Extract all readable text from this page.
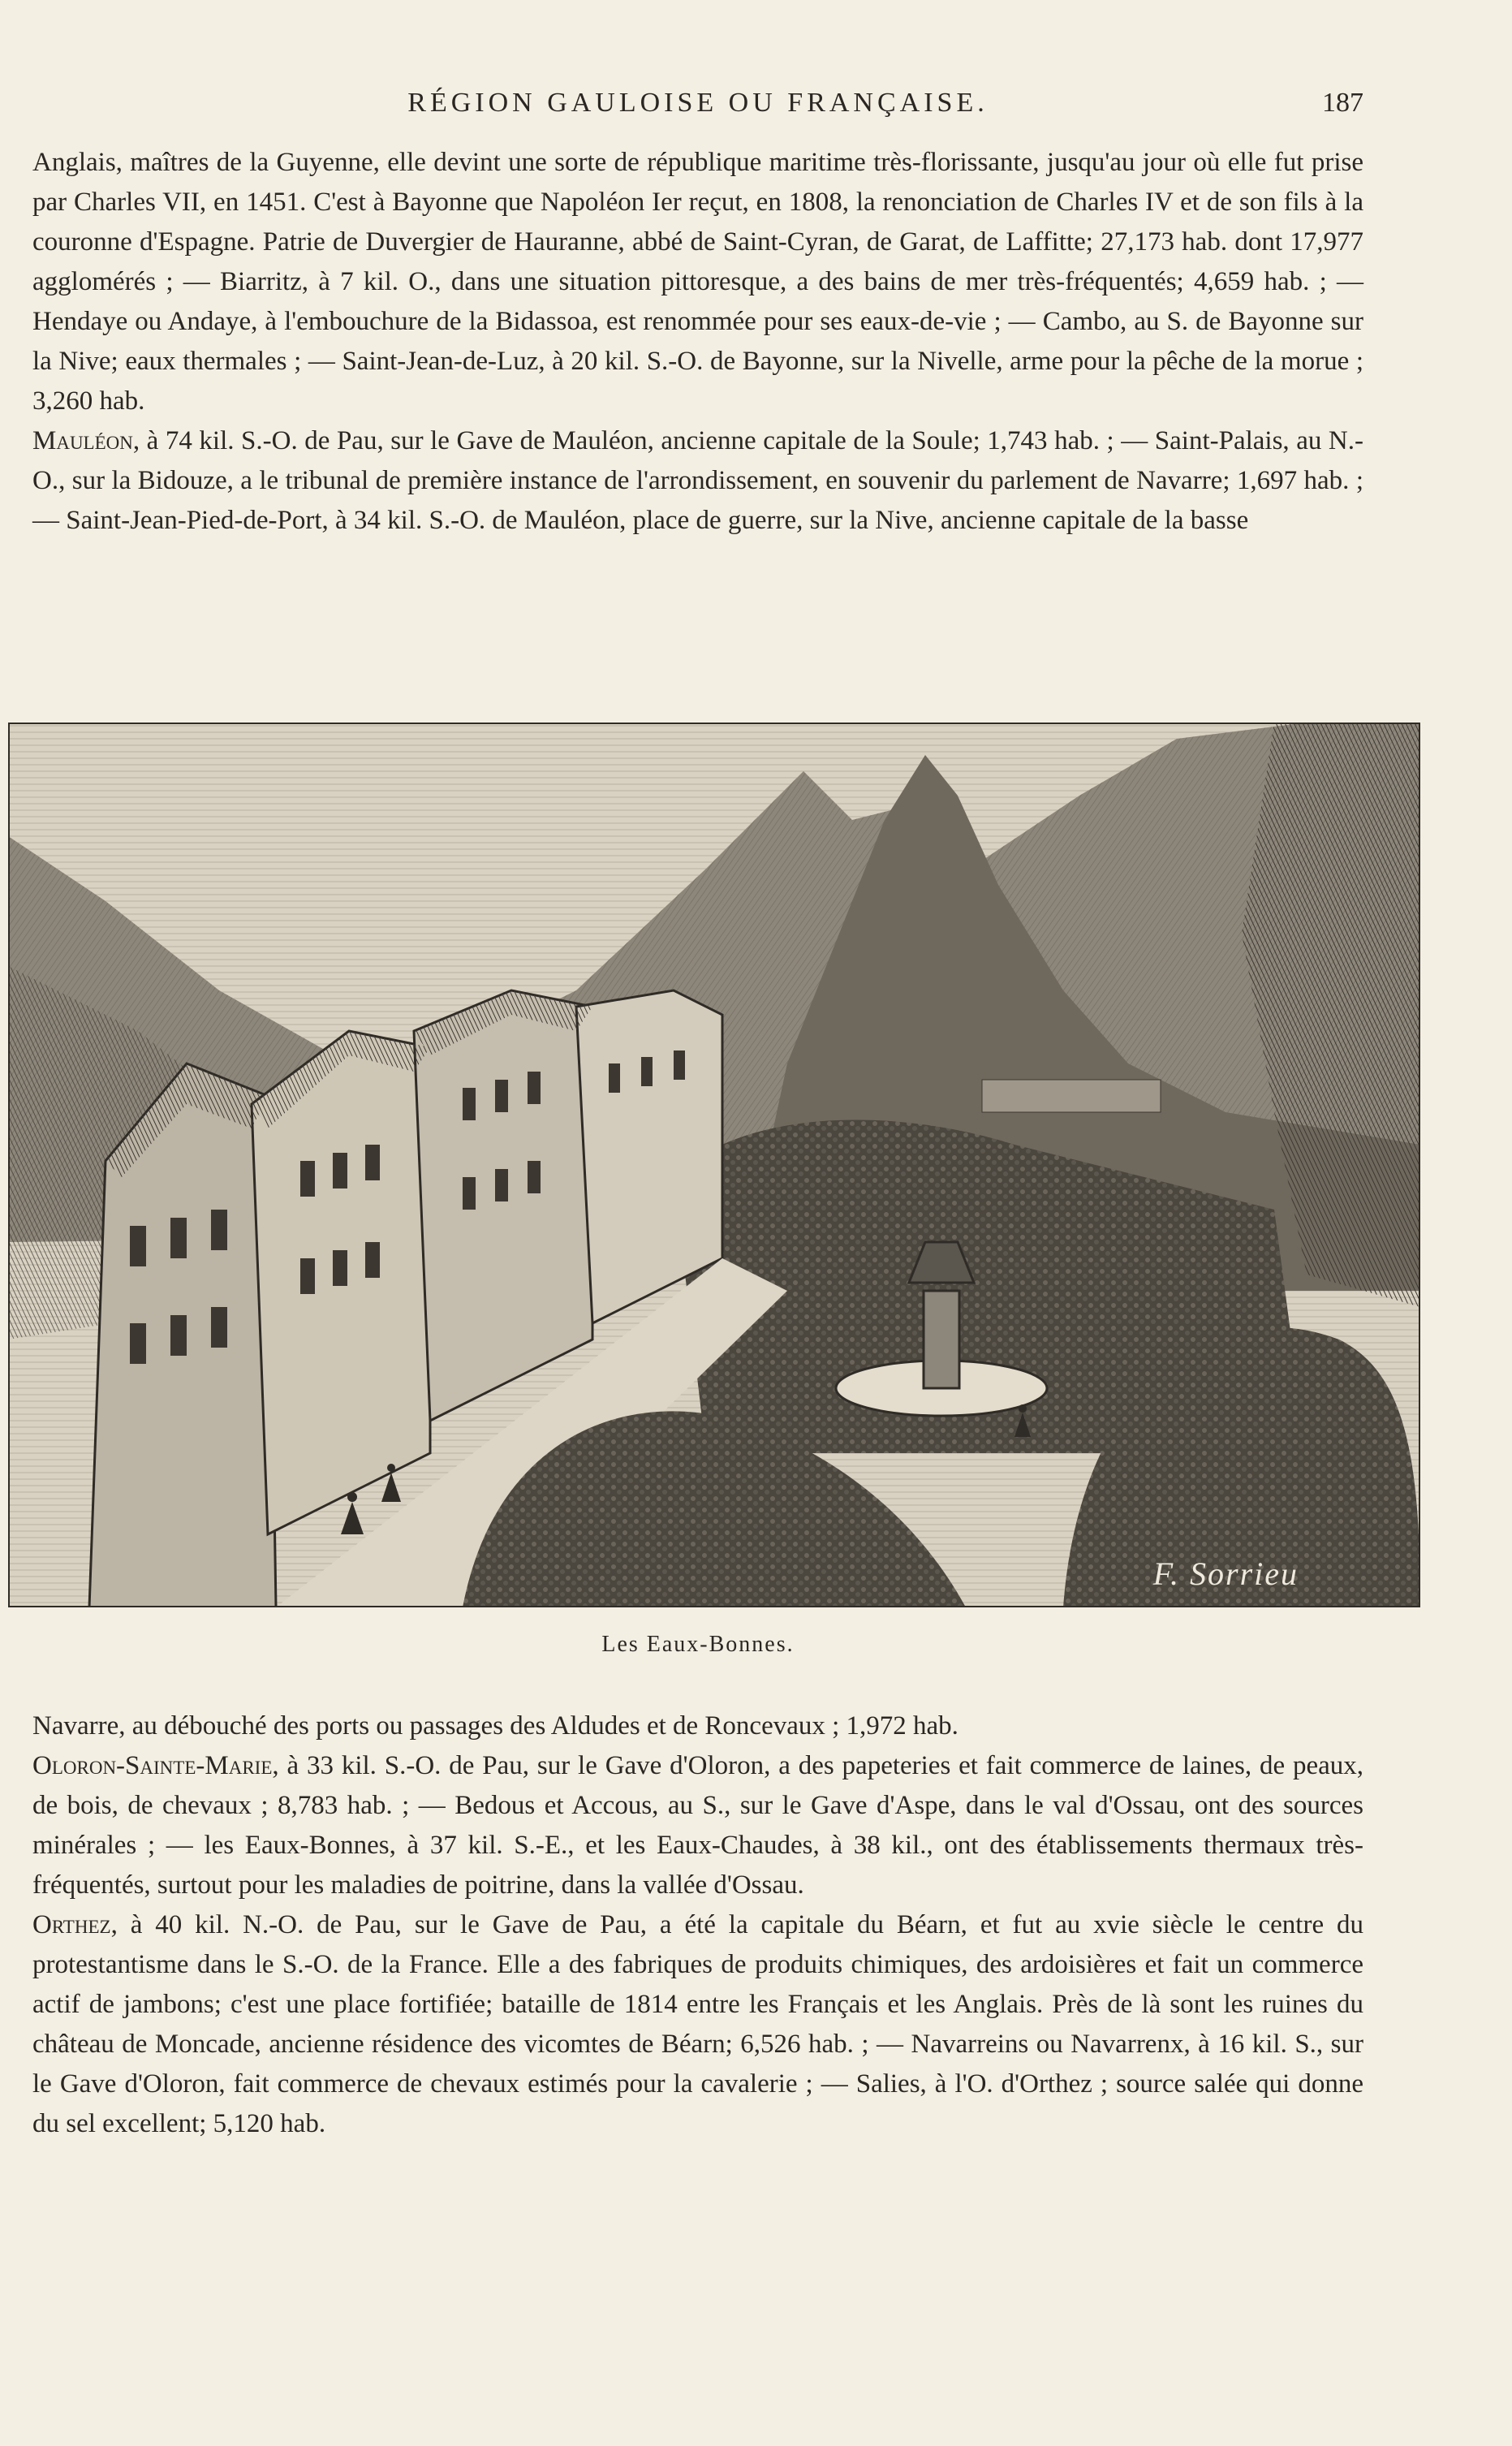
RÉGION GAULOISE OU FRANÇAISE.	187

Anglais, maîtres de la Guyenne, elle devint une sorte de république maritime très-florissante, jusqu'au jour où elle fut prise par Charles VII, en 1451. C'est à Bayonne que Napoléon Ier reçut, en 1808, la renonciation de Charles IV et de son fils à la couronne d'Espagne. Patrie de Duvergier de Hauranne, abbé de Saint-Cyran, de Garat, de Laffitte; 27,173 hab. dont 17,977 agglomérés ; — Biarritz, à 7 kil. O., dans une situation pittoresque, a des bains de mer très-fréquentés; 4,659 hab. ; — Hendaye ou Andaye, à l'embouchure de la Bidassoa, est renommée pour ses eaux-de-vie ; — Cambo, au S. de Bayonne sur la Nive; eaux thermales ; — Saint-Jean-de-Luz, à 20 kil. S.-O. de Bayonne, sur la Nivelle, arme pour la pêche de la morue ; 3,260 hab.

Mauléon, à 74 kil. S.-O. de Pau, sur le Gave de Mauléon, ancienne capitale de la Soule; 1,743 hab. ; — Saint-Palais, au N.-O., sur la Bidouze, a le tribunal de première instance de l'arrondissement, en souvenir du parlement de Navarre; 1,697 hab. ; — Saint-Jean-Pied-de-Port, à 34 kil. S.-O. de Mauléon, place de guerre, sur la Nive, ancienne capitale de la basse

F. Sorrieu
Les Eaux-Bonnes.

Navarre, au débouché des ports ou passages des Aldudes et de Roncevaux ; 1,972 hab.

Oloron-Sainte-Marie, à 33 kil. S.-O. de Pau, sur le Gave d'Oloron, a des papeteries et fait commerce de laines, de peaux, de bois, de chevaux ; 8,783 hab. ; — Bedous et Accous, au S., sur le Gave d'Aspe, dans le val d'Ossau, ont des sources minérales ; — les Eaux-Bonnes, à 37 kil. S.-E., et les Eaux-Chaudes, à 38 kil., ont des établissements thermaux très-fréquentés, surtout pour les maladies de poitrine, dans la vallée d'Ossau.

Orthez, à 40 kil. N.-O. de Pau, sur le Gave de Pau, a été la capitale du Béarn, et fut au xvie siècle le centre du protestantisme dans le S.-O. de la France. Elle a des fabriques de produits chimiques, des ardoisières et fait un commerce actif de jambons; c'est une place fortifiée; bataille de 1814 entre les Français et les Anglais. Près de là sont les ruines du château de Moncade, ancienne résidence des vicomtes de Béarn; 6,526 hab. ; — Navarreins ou Navarrenx, à 16 kil. S., sur le Gave d'Oloron, fait commerce de chevaux estimés pour la cavalerie ; — Salies, à l'O. d'Orthez ; source salée qui donne du sel excellent; 5,120 hab.
